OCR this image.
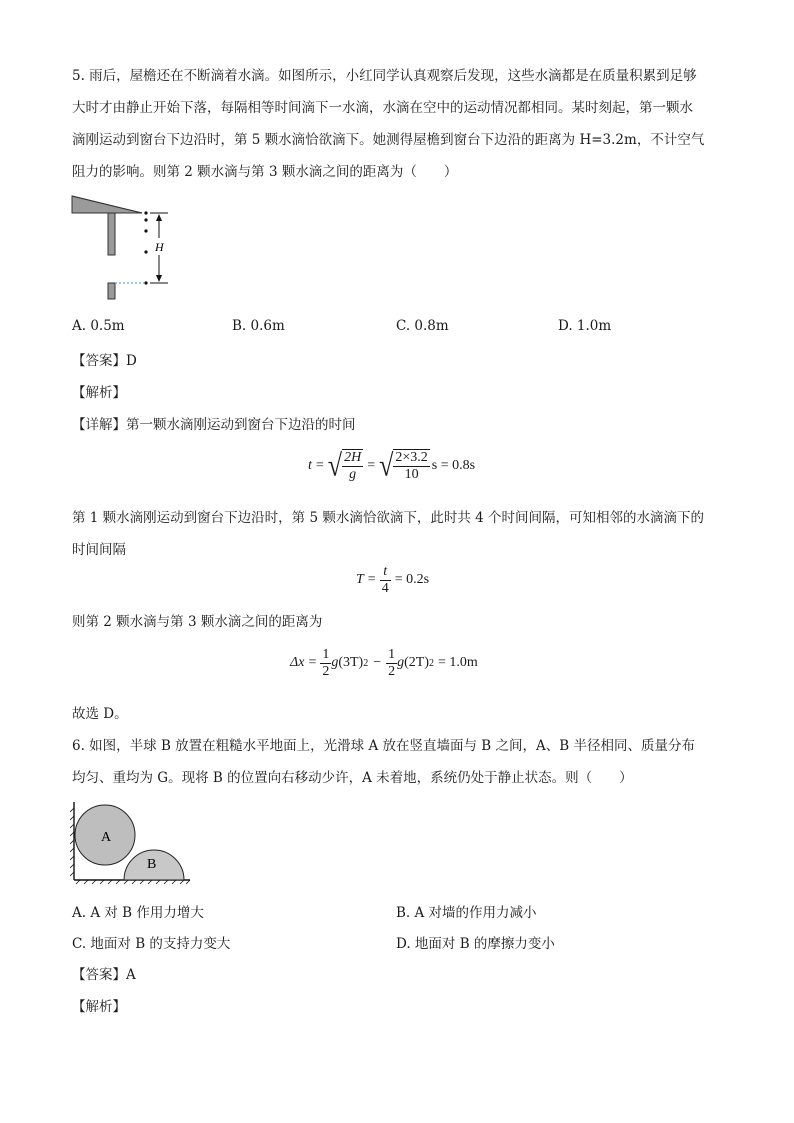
5. 雨后，屋檐还在不断滴着水滴。如图所示，小红同学认真观察后发现，这些水滴都是在质量积累到足够
大时才由静止开始下落，每隔相等时间滴下一水滴，水滴在空中的运动情况都相同。某时刻起，第一颗水
滴刚运动到窗台下边沿时，第 5 颗水滴恰欲滴下。她测得屋檐到窗台下边沿的距离为 H=3.2m，不计空气
阻力的影响。则第 2 颗水滴与第 3 颗水滴之间的距离为（　　）
H
A. 0.5m	B. 0.6m	C. 0.8m	D. 1.0m
【答案】D
【解析】
【详解】第一颗水滴刚运动到窗台下边沿的时间
t = √ $\frac{2H}{g}$ = √ $\frac{2\times 3.2}{10}$ s = 0.8s
第 1 颗水滴刚运动到窗台下边沿时，第 5 颗水滴恰欲滴下，此时共 4 个时间间隔，可知相邻的水滴滴下的
时间间隔
$T = \frac{t}{4} = 0.2s$
则第 2 颗水滴与第 3 颗水滴之间的距离为
$\Delta x = \frac{1}{2}$ g (3T) $2 - \frac{1}{2}$ g (2T) 2 = 1.0m
故选 D。
6. 如图，半球 B 放置在粗糙水平地面上，光滑球 A 放在竖直墙面与 B 之间，A、B 半径相同、质量分布
均匀、重均为 G。现将 B 的位置向右移动少许，A 未着地，系统仍处于静止状态。则（　　）
A
B
A. A 对 B 作用力增大	B. A 对墙的作用力减小
C. 地面对 B 的支持力变大	D. 地面对 B 的摩擦力变小
【答案】A
【解析】
